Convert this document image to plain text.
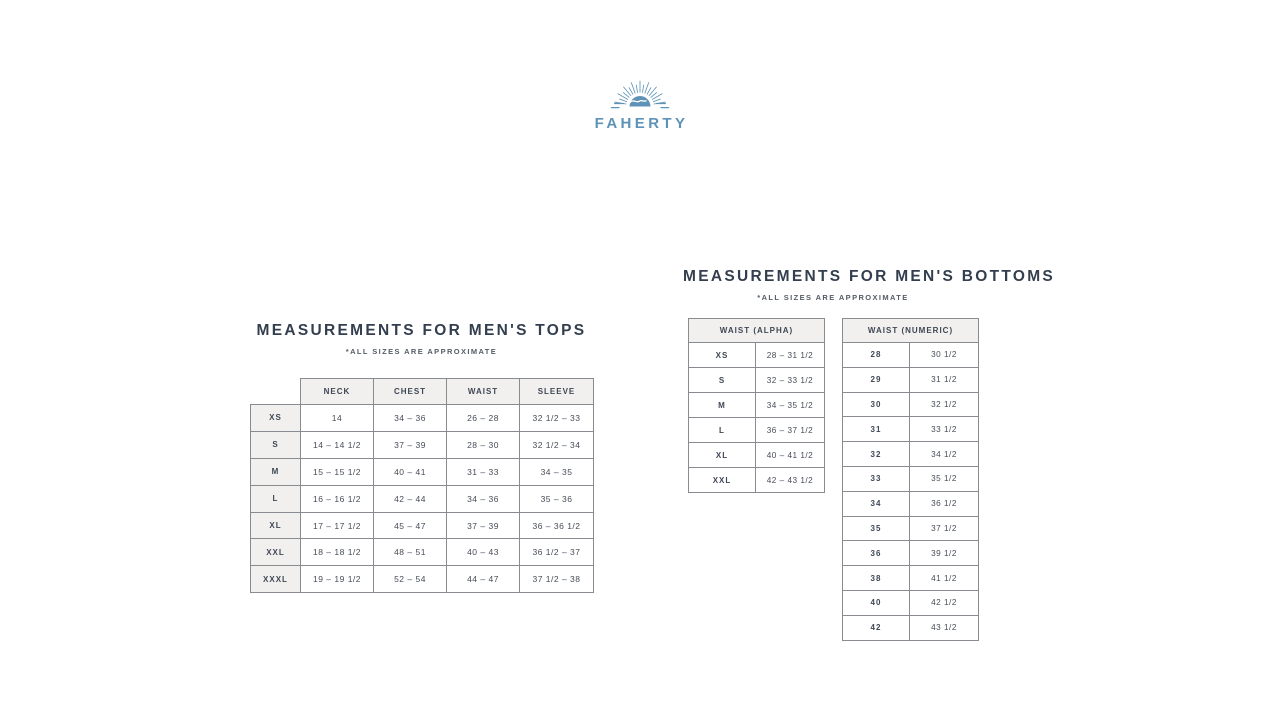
FAHERTY
MEASUREMENTS FOR MEN'S TOPS

*ALL SIZES ARE APPROXIMATE

	NECK	CHEST	WAIST	SLEEVE
XS	14	34 – 36	26 – 28	32 1/2 – 33
S	14 – 14 1/2	37 – 39	28 – 30	32 1/2 – 34
M	15 – 15 1/2	40 – 41	31 – 33	34 – 35
L	16 – 16 1/2	42 – 44	34 – 36	35 – 36
XL	17 – 17 1/2	45 – 47	37 – 39	36 – 36 1/2
XXL	18 – 18 1/2	48 – 51	40 – 43	36 1/2 – 37
XXXL	19 – 19 1/2	52 – 54	44 – 47	37 1/2 – 38
MEASUREMENTS FOR MEN'S BOTTOMS

*ALL SIZES ARE APPROXIMATE

WAIST (ALPHA)	
XS	28 – 31 1/2
S	32 – 33 1/2
M	34 – 35 1/2
L	36 – 37 1/2
XL	40 – 41 1/2
XXL	42 – 43 1/2
WAIST (NUMERIC)	
28	30 1/2
29	31 1/2
30	32 1/2
31	33 1/2
32	34 1/2
33	35 1/2
34	36 1/2
35	37 1/2
36	39 1/2
38	41 1/2
40	42 1/2
42	43 1/2
